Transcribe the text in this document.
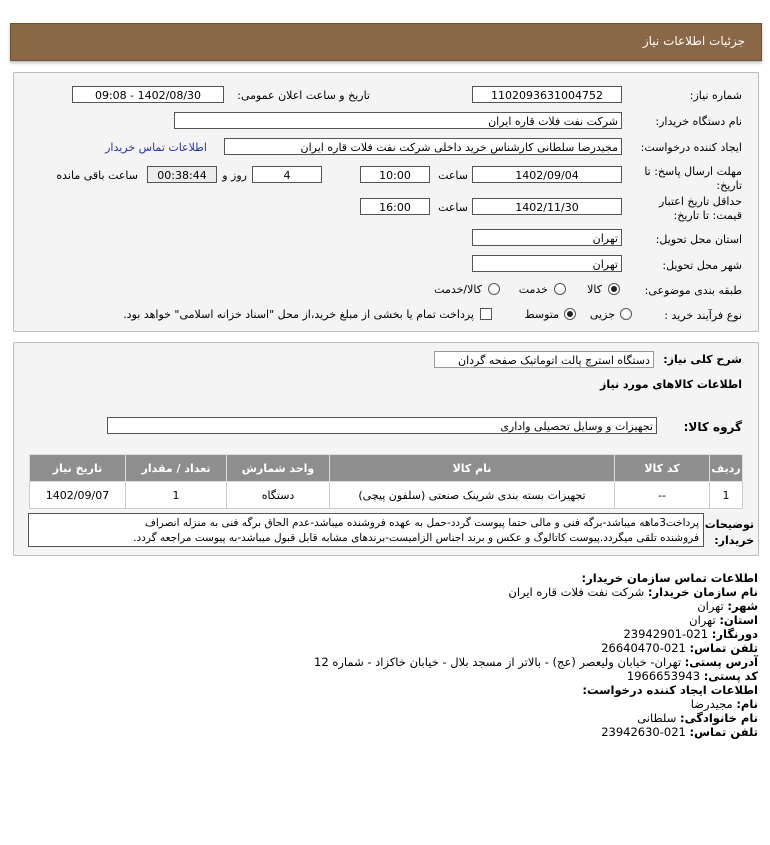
جزئیات اطلاعات نیاز
شماره نیاز:
1102093631004752
تاریخ و ساعت اعلان عمومی:
1402/08/30 - 09:08
نام دستگاه خریدار:
شرکت نفت فلات قاره ایران
ایجاد کننده درخواست:
مجیدرضا سلطانی کارشناس خرید داخلی شرکت نفت فلات قاره ایران
اطلاعات تماس خریدار
مهلت ارسال پاسخ: تا
تاریخ:
1402/09/04
ساعت
10:00
4
روز و
00:38:44
ساعت باقی مانده
حداقل تاریخ اعتبار
قیمت: تا تاریخ:
1402/11/30
ساعت
16:00
استان محل تحویل:
تهران
شهر محل تحویل:
تهران
طبقه بندی موضوعی:
کالا
خدمت
کالا/خدمت
نوع فرآیند خرید :
جزیی
متوسط
پرداخت تمام یا بخشی از مبلغ خرید،از محل "اسناد خزانه اسلامی" خواهد بود.
شرح کلی نیاز:
دستگاه استرچ پالت اتوماتیک صفحه گردان
اطلاعات کالاهای مورد نیاز
گروه کالا:
تجهیزات و وسایل تحصیلی واداری
ردیف	کد کالا	نام کالا	واحد شمارش	تعداد / مقدار	تاریخ نیاز
1	--	تجهیزات بسته بندی شرینک صنعتی (سلفون پیچی)	دستگاه	1	1402/09/07
توضیحات
خریدار:
پرداخت3ماهه میباشد-برگه فنی و مالی حتما پیوست گردد-حمل به عهده فروشنده میباشد-عدم الحاق برگه فنی به منزله انصراف
فروشنده تلقی میگردد.پیوست کاتالوگ و عکس و برند اجناس الزامیست-برندهای مشابه قابل قبول میباشد-به پیوست مراجعه گردد.
اطلاعات تماس سازمان خریدار:
نام سازمان خریدار: شرکت نفت فلات قاره ایران
شهر: تهران
استان: تهران
دورنگار: 021-23942901
تلفن تماس: 021-26640470
آدرس پستی: تهران- خیابان ولیعصر (عج) - بالاتر از مسجد بلال - خیابان خاکزاد - شماره 12
کد پستی: 1966653943
اطلاعات ایجاد کننده درخواست:
نام: مجیدرضا
نام خانوادگی: سلطانی
تلفن تماس: 021-23942630
